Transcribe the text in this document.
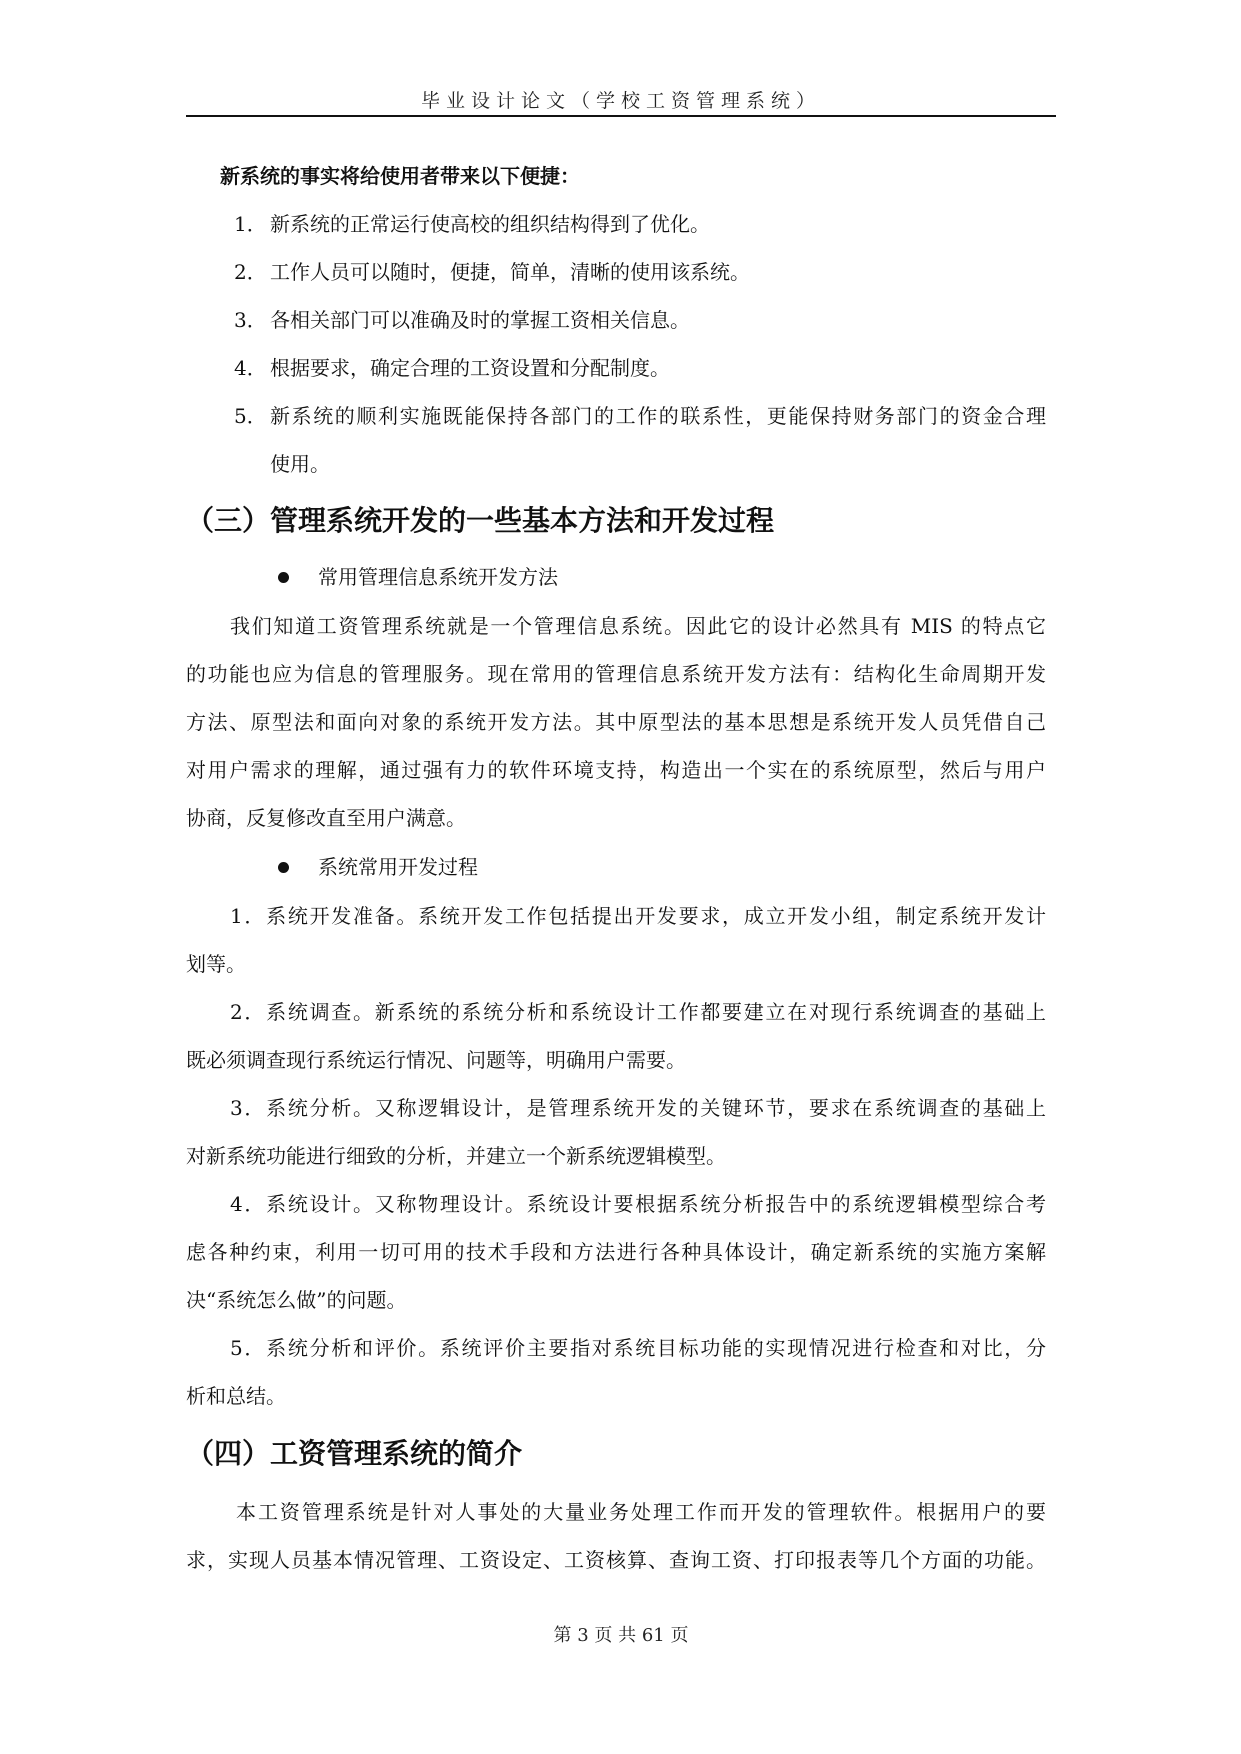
毕业设计论文（学校工资管理系统）
新系统的事实将给使用者带来以下便捷：
1． 新系统的正常运行使高校的组织结构得到了优化。
2． 工作人员可以随时，便捷，简单，清晰的使用该系统。
3． 各相关部门可以准确及时的掌握工资相关信息。
4． 根据要求，确定合理的工资设置和分配制度。
5． 新系统的顺利实施既能保持各部门的工作的联系性，更能保持财务部门的资金合理
使用。
（三）管理系统开发的一些基本方法和开发过程
常用管理信息系统开发方法
我们知道工资管理系统就是一个管理信息系统。因此它的设计必然具有 MIS 的特点它
的功能也应为信息的管理服务。现在常用的管理信息系统开发方法有：结构化生命周期开发
方法、原型法和面向对象的系统开发方法。其中原型法的基本思想是系统开发人员凭借自己
对用户需求的理解，通过强有力的软件环境支持，构造出一个实在的系统原型，然后与用户
协商，反复修改直至用户满意。
系统常用开发过程
1．系统开发准备。系统开发工作包括提出开发要求，成立开发小组，制定系统开发计
划等。
2．系统调查。新系统的系统分析和系统设计工作都要建立在对现行系统调查的基础上
既必须调查现行系统运行情况、问题等，明确用户需要。
3．系统分析。又称逻辑设计，是管理系统开发的关键环节，要求在系统调查的基础上
对新系统功能进行细致的分析，并建立一个新系统逻辑模型。
4．系统设计。又称物理设计。系统设计要根据系统分析报告中的系统逻辑模型综合考
虑各种约束，利用一切可用的技术手段和方法进行各种具体设计，确定新系统的实施方案解
决“系统怎么做”的问题。
5．系统分析和评价。系统评价主要指对系统目标功能的实现情况进行检查和对比，分
析和总结。
（四）工资管理系统的简介
本工资管理系统是针对人事处的大量业务处理工作而开发的管理软件。根据用户的要
求，实现人员基本情况管理、工资设定、工资核算、查询工资、打印报表等几个方面的功能。
第 3 页 共 61 页
